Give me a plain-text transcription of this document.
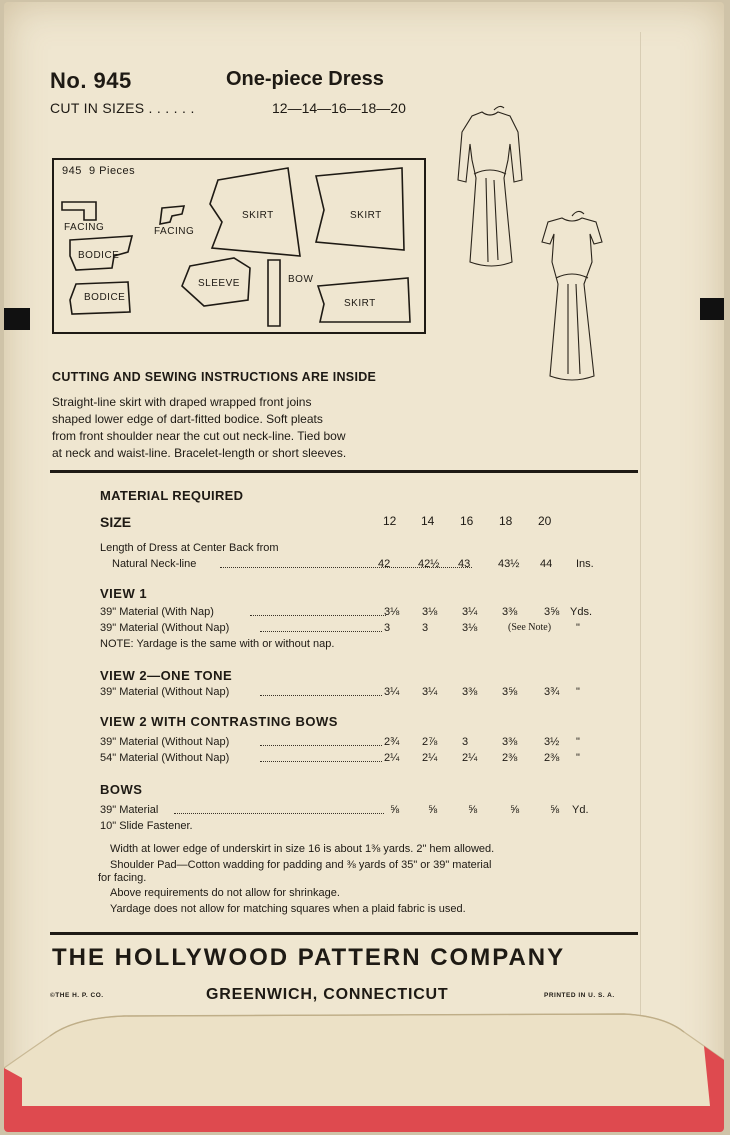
No. 945	One-piece Dress
CUT IN SIZES . . . . . .	12—14—16—18—20
945 9 Pieces
FACING	FACING
BODICE
BODICE
SKIRT	SKIRT
SKIRT
SLEEVE	BOW
CUTTING AND SEWING INSTRUCTIONS ARE INSIDE
Straight-line skirt with draped wrapped front joins
shaped lower edge of dart-fitted bodice. Soft pleats
from front shoulder near the cut out neck-line. Tied bow
at neck and waist-line. Bracelet-length or short sleeves.
MATERIAL REQUIRED
SIZE	12 14 16 18 20
Length of Dress at Center Back from
Natural Neck-line	42	42½ 43	43½ 44 Ins.
VIEW 1
39" Material (With Nap)	3⅛ 3⅛ 3¼ 3⅜ 3⅝ Yds.
39" Material (Without Nap)	3	3	3⅛	(See Note) "
NOTE: Yardage is the same with or without nap.
VIEW 2—ONE TONE
39" Material (Without Nap)	3¼ 3¼ 3⅜ 3⅝ 3¾ "
VIEW 2 WITH CONTRASTING BOWS
39" Material (Without Nap)	2¾ 2⅞ 3	3⅜ 3½ "
54" Material (Without Nap)	2¼ 2¼ 2¼ 2⅜ 2⅜ "
BOWS
39" Material	⅝	⅝	⅝	⅝	⅝ Yd.
10" Slide Fastener.
Width at lower edge of underskirt in size 16 is about 1⅜ yards. 2" hem allowed.
Shoulder Pad—Cotton wadding for padding and ⅜ yards of 35" or 39" material
for facing.
Above requirements do not allow for shrinkage.
Yardage does not allow for matching squares when a plaid fabric is used.
THE HOLLYWOOD PATTERN COMPANY
©THE H. P. CO.	GREENWICH, CONNECTICUT	PRINTED IN U. S. A.
